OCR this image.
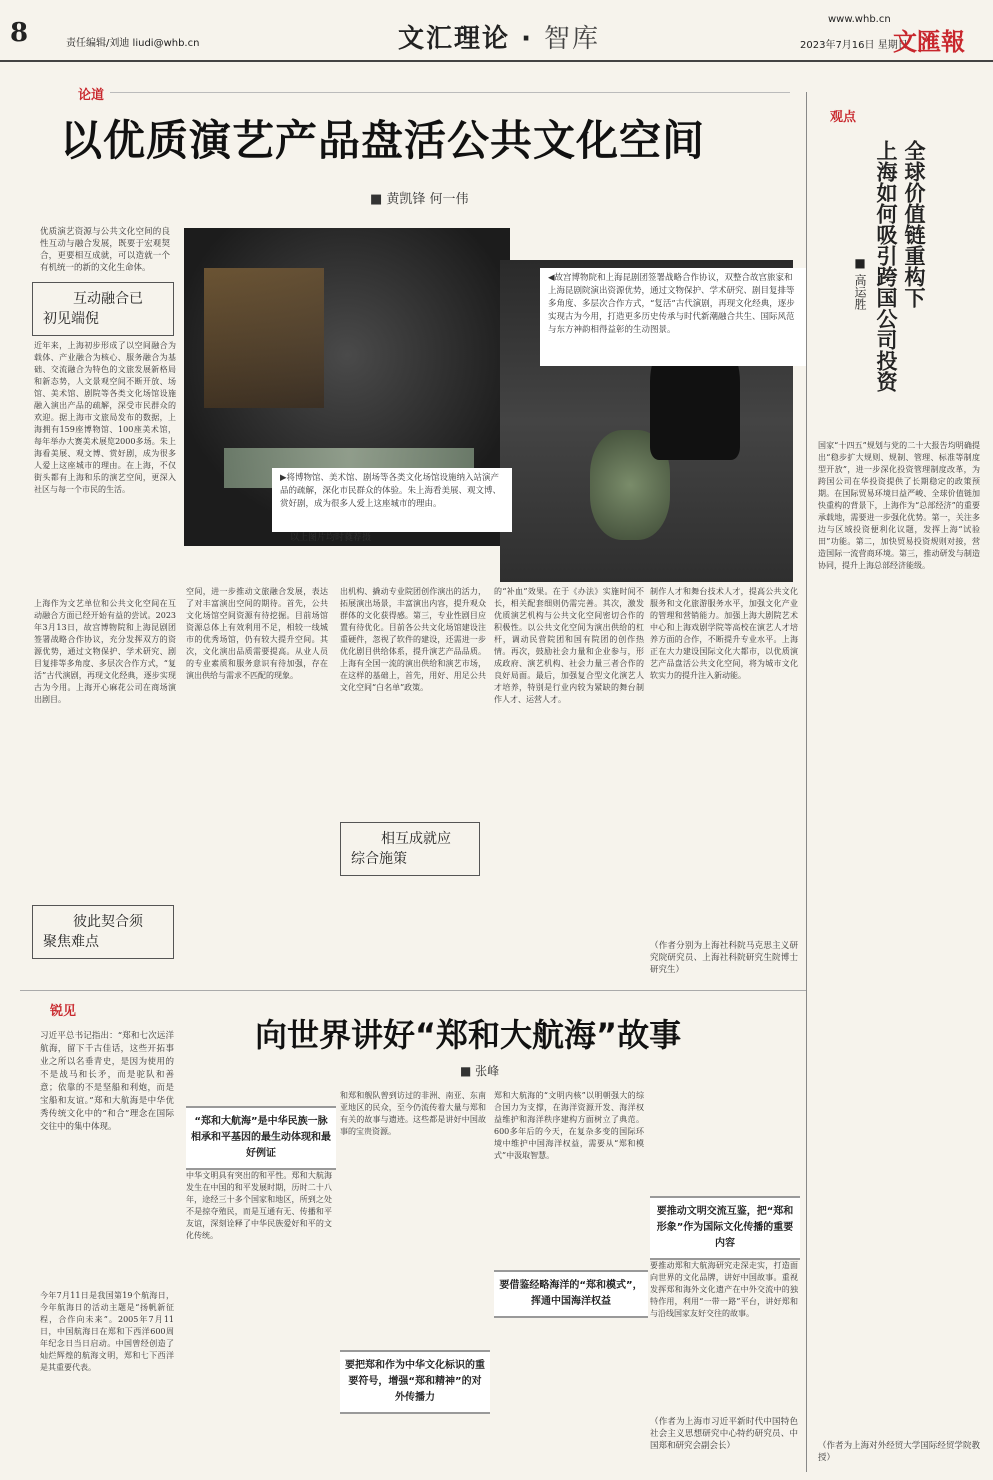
8	责任编辑/刘迪 liudi@whb.cn	文汇理论 · 智库
www.whb.cn
2023年7月16日 星期日
文匯報
论道
以优质演艺产品盘活公共文化空间
■ 黄凯锋 何一伟
优质演艺资源与公共文化空间的良性互动与融合发展，既要于宏观契合，更要相互成就，可以造就一个有机统一的新的文化生命体。
互动融合已
初见端倪
近年来，上海初步形成了以空间融合为载体、产业融合为核心、服务融合为基础、交流融合为特色的文旅发展新格局和新态势，人文景观空间不断开放、场馆、美术馆、剧院等各类文化场馆设施融入演出产品的疏解，深受市民群众的欢迎。据上海市文旅局发布的数据，上海拥有159座博物馆、100座美术馆，每年举办大赛美术展览2000多场。朱上海看美展、观文博、赏好剧，成为很多人爱上这座城市的理由。在上海，不仅街头都有上海和乐的演艺空间，更深入社区与每一个市民的生活。
上海作为文艺单位和公共文化空间在互动融合方面已经开始有益的尝试。2023年3月13日，故宫博物院和上海昆剧团签署战略合作协议，充分发挥双方的资源优势，通过文物保护、学术研究、剧目复排等多角度、多层次合作方式，“复活”古代演剧，再现文化经典，逐步实现古为今用。上海开心麻花公司在商场演出剧目。
彼此契合须
聚焦难点
◀故宫博物院和上海昆剧团签署战略合作协议，双整合故宫旅家和上海昆剧院演出资源优势，通过文物保护、学术研究、剧目复排等多角度、多层次合作方式，“复活”古代演剧，再现文化经典，逐步实现古为今用，打造更多历史传承与时代新潮融合共生、国际风范与东方神韵相得益彰的生动图景。
▶将博物馆、美术馆、剧场等各类文化场馆设施纳入站演产品的疏解，深化市民群众的体验。朱上海看美展、观文博、赏好剧，成为很多人爱上这座城市的理由。
以上图片均时蕤荐摄
空间，进一步推动文旅融合发展，表达了对丰富演出空间的期待。首先，公共文化场馆空间资源有待挖掘。目前场馆资源总体上有效利用不足，相较一线城市的优秀场馆，仍有较大提升空间。其次，文化演出品质需要提高。从业人员的专业素质和服务意识有待加强，存在演出供给与需求不匹配的现象。
出机构、撬动专业院团创作演出的活力，拓展演出场景，丰富演出内容，提升观众群体的文化获得感。第三，专业性剧目应置有待优化。目前各公共文化场馆建设注重硬件，忽视了软件的建设，还需进一步优化剧目供给体系，提升演艺产品品质。上海有全国一流的演出供给和演艺市场，在这样的基础上，首先，用好、用足公共文化空间“白名单”政策。
相互成就应
综合施策
的“补血”效果。在于《办法》实施时间不长，相关配套细则仍需完善。其次，激发优质演艺机构与公共文化空间密切合作的积极性。以公共文化空间为演出供给的杠杆，调动民营院团和国有院团的创作热情。再次，鼓励社会力量和企业参与，形成政府、演艺机构、社会力量三者合作的良好局面。最后，加强复合型文化演艺人才培养，特别是行业内较为紧缺的舞台制作人才、运营人才。
制作人才和舞台技术人才，提高公共文化服务和文化旅游服务水平，加强文化产业的管理和营销能力。加强上海大剧院艺术中心和上海戏剧学院等高校在演艺人才培养方面的合作，不断提升专业水平。上海正在大力建设国际文化大都市，以优质演艺产品盘活公共文化空间，将为城市文化软实力的提升注入新动能。
（作者分别为上海社科院马克思主义研究院研究员、上海社科院研究生院博士研究生）
观点
全球价值链重构下
上海如何吸引跨国公司投资
■ 高运胜
国家“十四五”规划与党的二十大报告均明确提出“稳步扩大规则、规制、管理、标准等制度型开放”，进一步深化投资管理制度改革，为跨国公司在华投资提供了长期稳定的政策预期。在国际贸易环境日益严峻、全球价值链加快重构的背景下，上海作为“总部经济”的重要承载地，需要进一步强化优势。第一，关注多边与区域投资便利化议题，发挥上海“试验田”功能。第二，加快贸易投资规则对接，营造国际一流营商环境。第三，推动研发与制造协同，提升上海总部经济能级。
（作者为上海对外经贸大学国际经贸学院教授）
锐见
向世界讲好“郑和大航海”故事
■ 张峰
习近平总书记指出：“郑和七次远洋航海，留下千古佳话，这些开拓事业之所以名垂青史，是因为使用的不是战马和长矛，而是驼队和善意；依靠的不是坚船和利炮，而是宝船和友谊。”郑和大航海是中华优秀传统文化中的“和合”理念在国际交往中的集中体现。
今年7月11日是我国第19个航海日，今年航海日的活动主题是“扬帆新征程，合作向未来”。2005年7月11日，中国航海日在郑和下西洋600周年纪念日当日启动。中国曾经创造了灿烂辉煌的航海文明，郑和七下西洋是其重要代表。
“郑和大航海”是中华民族一脉相承和平基因的最生动体现和最好例证
中华文明具有突出的和平性。郑和大航海发生在中国的和平发展时期，历时二十八年，途经三十多个国家和地区，所到之处不是掠夺殖民，而是互通有无、传播和平友谊，深刻诠释了中华民族爱好和平的文化传统。
和郑和舰队曾到访过的非洲、南亚、东南亚地区的民众，至今仍流传着大量与郑和有关的故事与遗迹。这些都是讲好中国故事的宝贵资源。
要把郑和作为中华文化标识的重要符号，增强“郑和精神”的对外传播力
郑和大航海的“文明内核”以明朝强大的综合国力为支撑，在海洋资源开发、海洋权益维护和海洋秩序建构方面树立了典范。600多年后的今天，在复杂多变的国际环境中维护中国海洋权益，需要从“郑和模式”中汲取智慧。
要借鉴经略海洋的“郑和模式”，挥通中国海洋权益
要推动文明交流互鉴，把“郑和形象”作为国际文化传播的重要内容
要推动郑和大航海研究走深走实，打造面向世界的文化品牌，讲好中国故事。重视发挥郑和海外文化遗产在中外交流中的独特作用，利用“一带一路”平台，讲好郑和与沿线国家友好交往的故事。
（作者为上海市习近平新时代中国特色社会主义思想研究中心特约研究员、中国郑和研究会副会长）
